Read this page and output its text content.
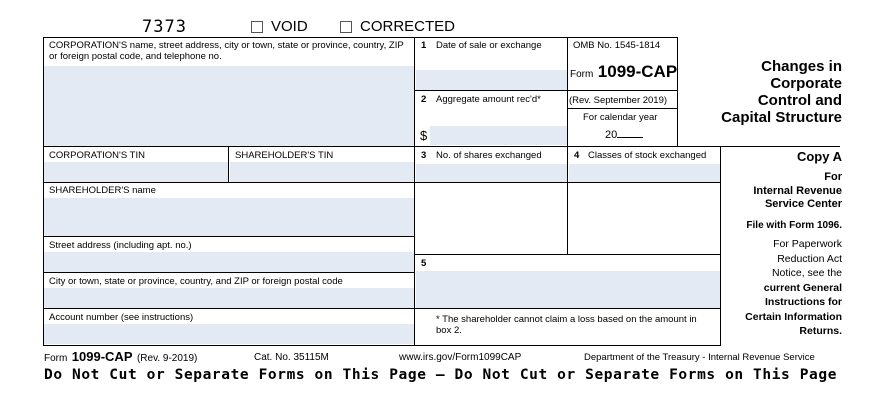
7373	VOID	CORRECTED
CORPORATION'S name, street address, city or town, state or province, country, ZIP or foreign postal code, and telephone no.
CORPORATION'S TIN	SHAREHOLDER'S TIN
SHAREHOLDER'S name
Street address (including apt. no.)
City or town, state or province, country, and ZIP or foreign postal code
Account number (see instructions)
1 Date of sale or exchange
2 Aggregate amount rec'd*
$
3 No. of shares exchanged	4 Classes of stock exchanged
5
* The shareholder cannot claim a loss based on the amount in box 2.
OMB No. 1545-1814
Form 1099-CAP
(Rev. September 2019)
For calendar year
20
Changes in
Corporate
Control and
Capital Structure
Copy A
For
Internal Revenue
Service Center
File with Form 1096.
For Paperwork
Reduction Act
Notice, see the
current General
Instructions for
Certain Information
Returns.
Form 1099-CAP (Rev. 9-2019)	Cat. No. 35115M	www.irs.gov/Form1099CAP	Department of the Treasury - Internal Revenue Service
Do Not Cut or Separate Forms on This Page — Do Not Cut or Separate Forms on This Page
